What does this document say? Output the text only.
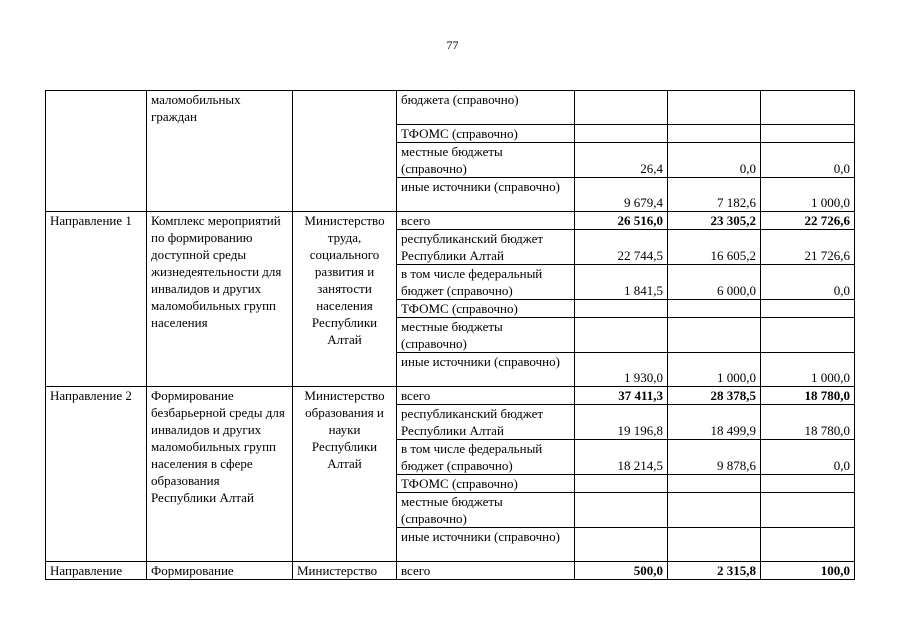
77
	маломобильных граждан		бюджета (справочно)			
			ТФОМС (справочно)			
			местные бюджеты (справочно)	26,4	0,0	0,0
			иные источники (справочно)	9 679,4	7 182,6	1 000,0
Направление 1	Комплекс мероприятий по формированию доступной среды жизнедеятельности для инвалидов и других маломобильных групп населения	Министерство труда, социального развития и занятости населения Республики Алтай	всего	26 516,0	23 305,2	22 726,6
			республиканский бюджет Республики Алтай	22 744,5	16 605,2	21 726,6
			в том числе федеральный бюджет (справочно)	1 841,5	6 000,0	0,0
			ТФОМС (справочно)			
			местные бюджеты (справочно)			
			иные источники (справочно)	1 930,0	1 000,0	1 000,0
Направление 2	Формирование безбарьерной среды для инвалидов и других маломобильных групп населения в сфере образования Республики Алтай	Министерство образования и науки Республики Алтай	всего	37 411,3	28 378,5	18 780,0
			республиканский бюджет Республики Алтай	19 196,8	18 499,9	18 780,0
			в том числе федеральный бюджет (справочно)	18 214,5	9 878,6	0,0
			ТФОМС (справочно)			
			местные бюджеты (справочно)			
			иные источники (справочно)			
Направление	Формирование	Министерство	всего	500,0	2 315,8	100,0
